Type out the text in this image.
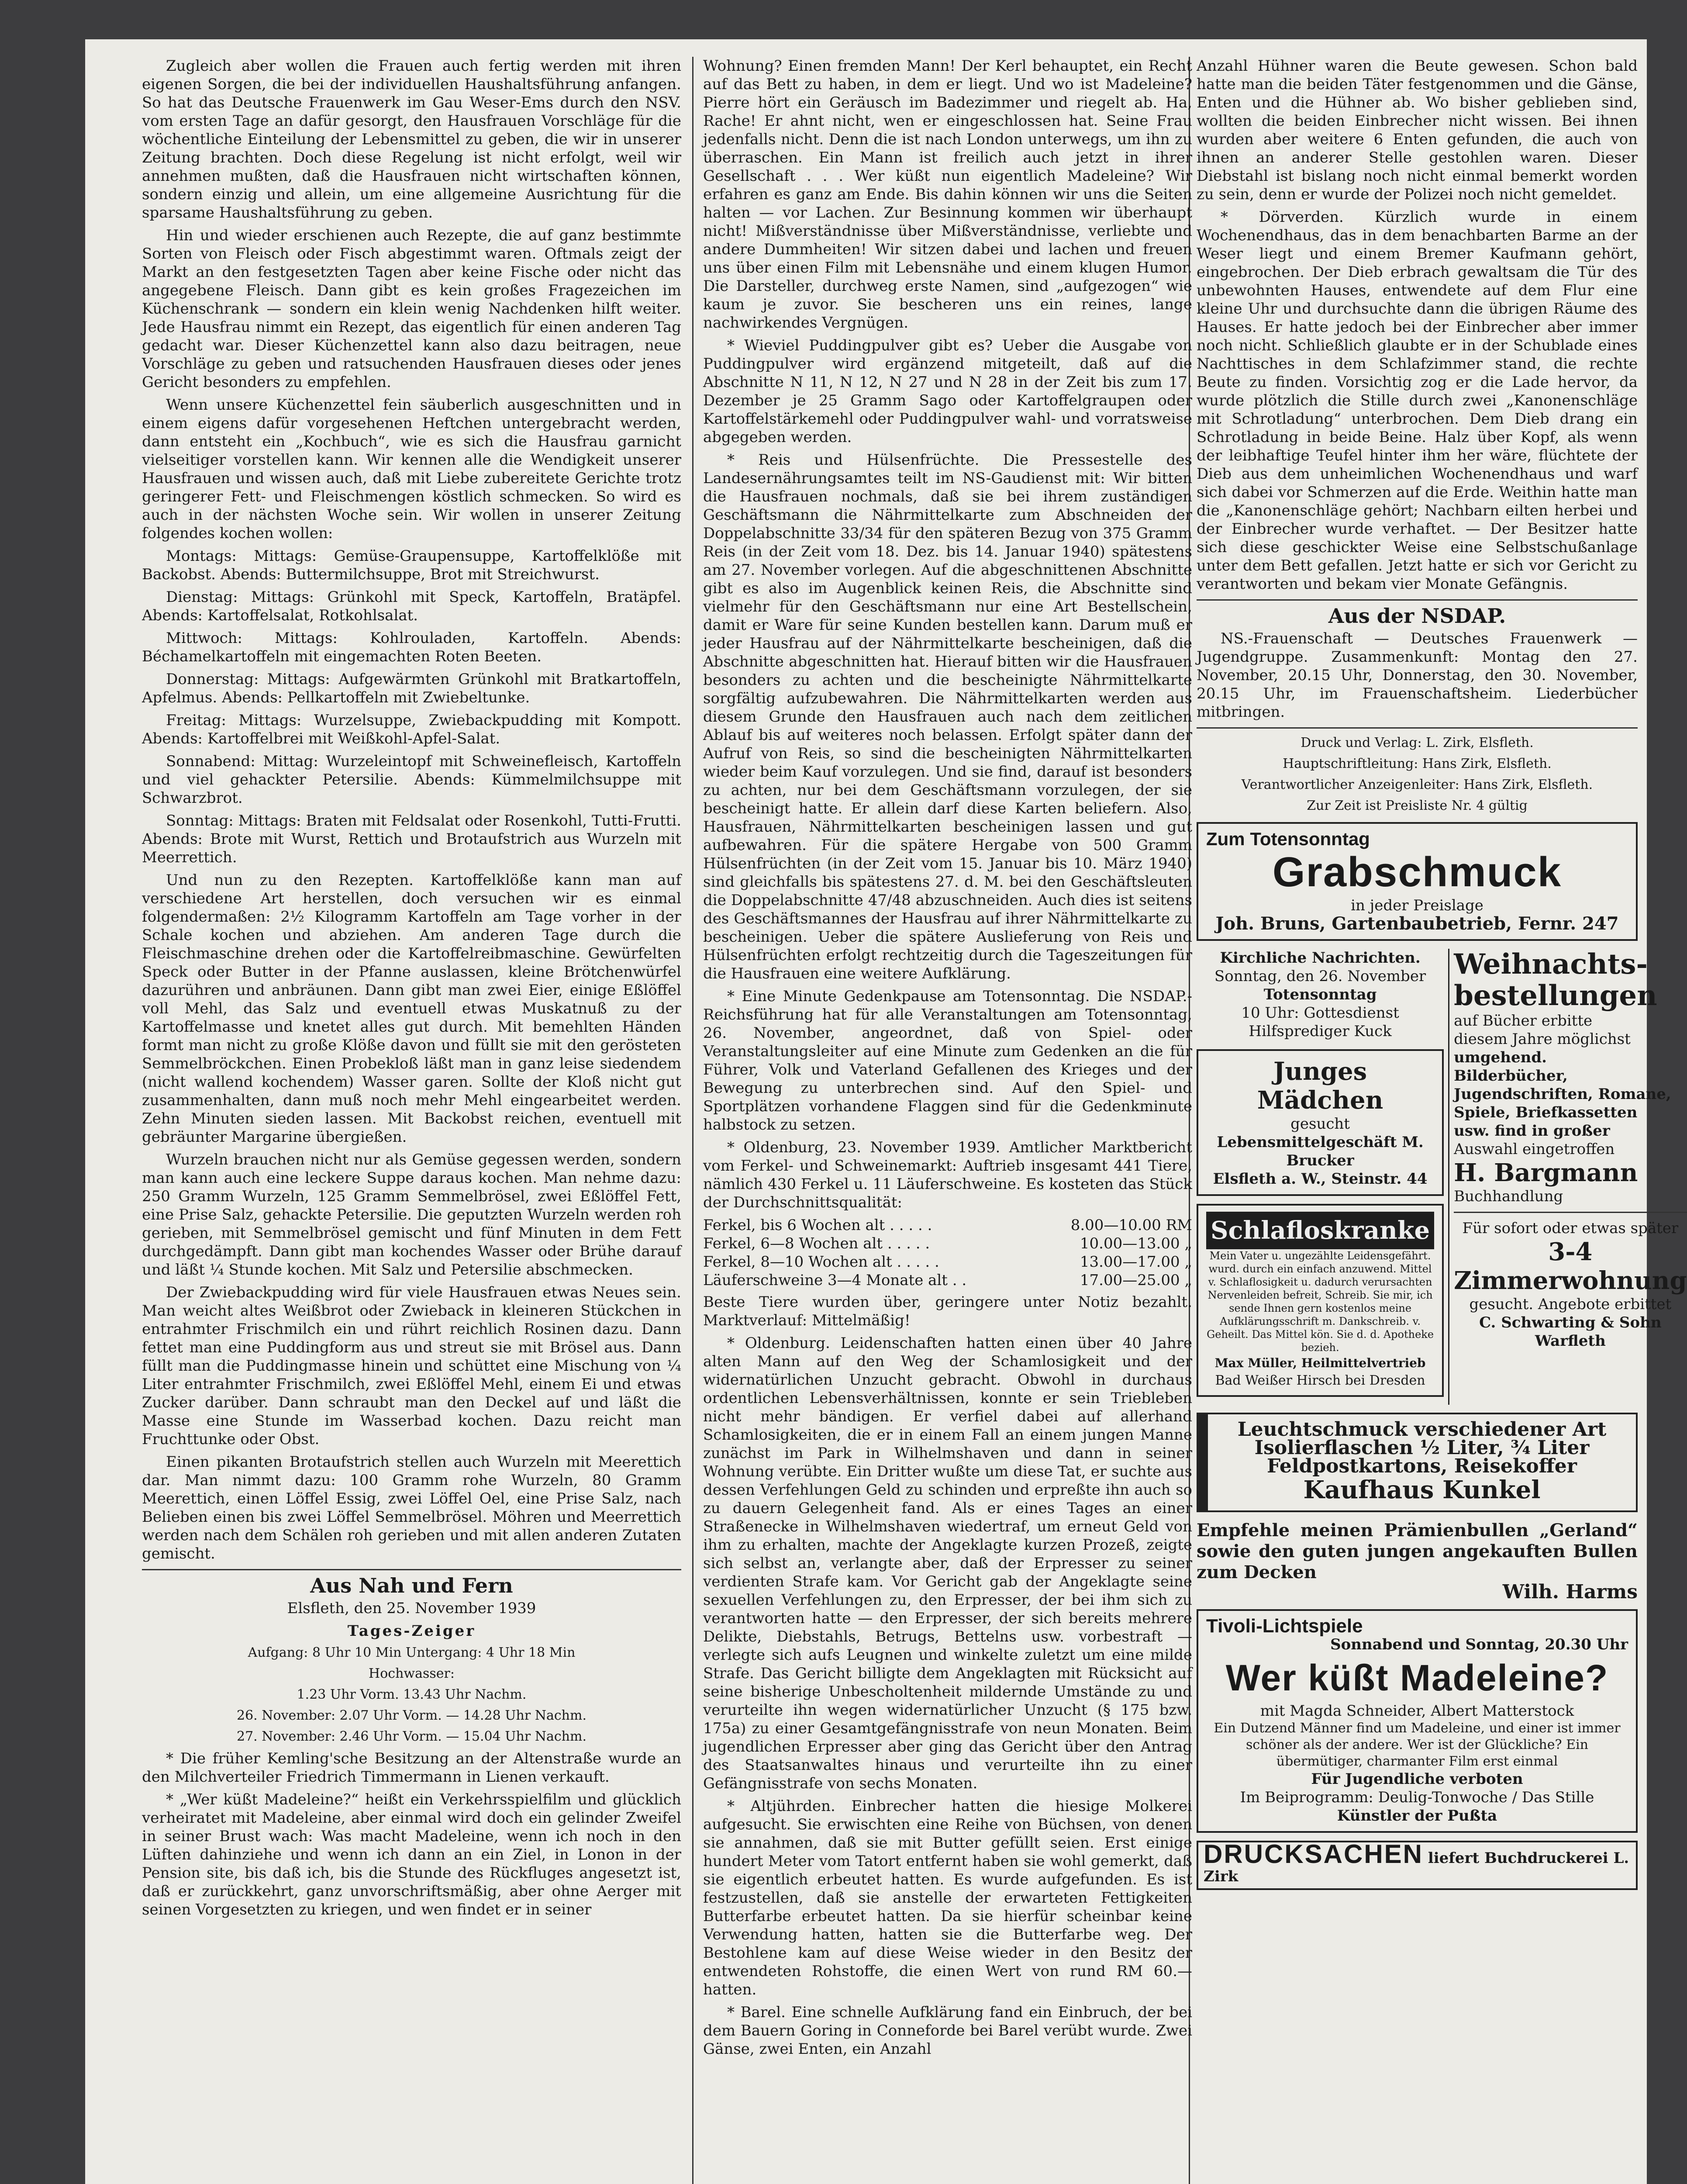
Zugleich aber wollen die Frauen auch fertig werden mit ihren eigenen Sorgen, die bei der individuellen Haushaltsführung anfangen. So hat das Deutsche Frauenwerk im Gau Weser-Ems durch den NSV. vom ersten Tage an dafür gesorgt, den Hausfrauen Vorschläge für die wöchentliche Einteilung der Lebensmittel zu geben, die wir in unserer Zeitung brachten. Doch diese Regelung ist nicht erfolgt, weil wir annehmen mußten, daß die Hausfrauen nicht wirtschaften können, sondern einzig und allein, um eine allgemeine Ausrichtung für die sparsame Haushaltsführung zu geben.

Hin und wieder erschienen auch Rezepte, die auf ganz bestimmte Sorten von Fleisch oder Fisch abgestimmt waren. Oftmals zeigt der Markt an den festgesetzten Tagen aber keine Fische oder nicht das angegebene Fleisch. Dann gibt es kein großes Fragezeichen im Küchenschrank — sondern ein klein wenig Nachdenken hilft weiter. Jede Hausfrau nimmt ein Rezept, das eigentlich für einen anderen Tag gedacht war. Dieser Küchenzettel kann also dazu beitragen, neue Vorschläge zu geben und ratsuchenden Hausfrauen dieses oder jenes Gericht besonders zu empfehlen.

Wenn unsere Küchenzettel fein säuberlich ausgeschnitten und in einem eigens dafür vorgesehenen Heftchen untergebracht werden, dann entsteht ein „Kochbuch“, wie es sich die Hausfrau garnicht vielseitiger vorstellen kann. Wir kennen alle die Wendigkeit unserer Hausfrauen und wissen auch, daß mit Liebe zubereitete Gerichte trotz geringerer Fett- und Fleischmengen köstlich schmecken. So wird es auch in der nächsten Woche sein. Wir wollen in unserer Zeitung folgendes kochen wollen:

Montags: Mittags: Gemüse-Graupensuppe, Kartoffelklöße mit Backobst. Abends: Buttermilchsuppe, Brot mit Streichwurst.

Dienstag: Mittags: Grünkohl mit Speck, Kartoffeln, Bratäpfel. Abends: Kartoffelsalat, Rotkohlsalat.

Mittwoch: Mittags: Kohlrouladen, Kartoffeln. Abends: Béchamelkartoffeln mit eingemachten Roten Beeten.

Donnerstag: Mittags: Aufgewärmten Grünkohl mit Bratkartoffeln, Apfelmus. Abends: Pellkartoffeln mit Zwiebeltunke.

Freitag: Mittags: Wurzelsuppe, Zwiebackpudding mit Kompott. Abends: Kartoffelbrei mit Weißkohl-Apfel-Salat.

Sonnabend: Mittag: Wurzeleintopf mit Schweinefleisch, Kartoffeln und viel gehackter Petersilie. Abends: Kümmelmilchsuppe mit Schwarzbrot.

Sonntag: Mittags: Braten mit Feldsalat oder Rosenkohl, Tutti-Frutti. Abends: Brote mit Wurst, Rettich und Brotaufstrich aus Wurzeln mit Meerrettich.

Und nun zu den Rezepten. Kartoffelklöße kann man auf verschiedene Art herstellen, doch versuchen wir es einmal folgendermaßen: 2½ Kilogramm Kartoffeln am Tage vorher in der Schale kochen und abziehen. Am anderen Tage durch die Fleischmaschine drehen oder die Kartoffelreibmaschine. Gewürfelten Speck oder Butter in der Pfanne auslassen, kleine Brötchenwürfel dazurühren und anbräunen. Dann gibt man zwei Eier, einige Eßlöffel voll Mehl, das Salz und eventuell etwas Muskatnuß zu der Kartoffelmasse und knetet alles gut durch. Mit bemehlten Händen formt man nicht zu große Klöße davon und füllt sie mit den gerösteten Semmelbröckchen. Einen Probekloß läßt man in ganz leise siedendem (nicht wallend kochendem) Wasser garen. Sollte der Kloß nicht gut zusammenhalten, dann muß noch mehr Mehl eingearbeitet werden. Zehn Minuten sieden lassen. Mit Backobst reichen, eventuell mit gebräunter Margarine übergießen.

Wurzeln brauchen nicht nur als Gemüse gegessen werden, sondern man kann auch eine leckere Suppe daraus kochen. Man nehme dazu: 250 Gramm Wurzeln, 125 Gramm Semmelbrösel, zwei Eßlöffel Fett, eine Prise Salz, gehackte Petersilie. Die geputzten Wurzeln werden roh gerieben, mit Semmelbrösel gemischt und fünf Minuten in dem Fett durchgedämpft. Dann gibt man kochendes Wasser oder Brühe darauf und läßt ¼ Stunde kochen. Mit Salz und Petersilie abschmecken.

Der Zwiebackpudding wird für viele Hausfrauen etwas Neues sein. Man weicht altes Weißbrot oder Zwieback in kleineren Stückchen in entrahmter Frischmilch ein und rührt reichlich Rosinen dazu. Dann fettet man eine Puddingform aus und streut sie mit Brösel aus. Dann füllt man die Puddingmasse hinein und schüttet eine Mischung von ¼ Liter entrahmter Frischmilch, zwei Eßlöffel Mehl, einem Ei und etwas Zucker darüber. Dann schraubt man den Deckel auf und läßt die Masse eine Stunde im Wasserbad kochen. Dazu reicht man Fruchttunke oder Obst.

Einen pikanten Brotaufstrich stellen auch Wurzeln mit Meerettich dar. Man nimmt dazu: 100 Gramm rohe Wurzeln, 80 Gramm Meerettich, einen Löffel Essig, zwei Löffel Oel, eine Prise Salz, nach Belieben einen bis zwei Löffel Semmelbrösel. Möhren und Meerrettich werden nach dem Schälen roh gerieben und mit allen anderen Zutaten gemischt.

Aus Nah und Fern

Elsfleth, den 25. November 1939

Tages-Zeiger

Aufgang: 8 Uhr 10 Min Untergang: 4 Uhr 18 Min

Hochwasser:

1.23 Uhr Vorm. 13.43 Uhr Nachm.

26. November: 2.07 Uhr Vorm. — 14.28 Uhr Nachm.

27. November: 2.46 Uhr Vorm. — 15.04 Uhr Nachm.

* Die früher Kemling'sche Besitzung an der Altenstraße wurde an den Milchverteiler Friedrich Timmermann in Lienen verkauft.

* „Wer küßt Madeleine?“ heißt ein Verkehrsspielfilm und glücklich verheiratet mit Madeleine, aber einmal wird doch ein gelinder Zweifel in seiner Brust wach: Was macht Madeleine, wenn ich noch in den Lüften dahinziehe und wenn ich dann an ein Ziel, in Lonon in der Pension site, bis daß ich, bis die Stunde des Rückfluges angesetzt ist, daß er zurückkehrt, ganz unvorschriftsmäßig, aber ohne Aerger mit seinen Vorgesetzten zu kriegen, und wen findet er in seiner

Wohnung? Einen fremden Mann! Der Kerl behauptet, ein Recht auf das Bett zu haben, in dem er liegt. Und wo ist Madeleine? Pierre hört ein Geräusch im Badezimmer und riegelt ab. Ha, Rache! Er ahnt nicht, wen er eingeschlossen hat. Seine Frau jedenfalls nicht. Denn die ist nach London unterwegs, um ihn zu überraschen. Ein Mann ist freilich auch jetzt in ihrer Gesellschaft . . . Wer küßt nun eigentlich Madeleine? Wir erfahren es ganz am Ende. Bis dahin können wir uns die Seiten halten — vor Lachen. Zur Besinnung kommen wir überhaupt nicht! Mißverständnisse über Mißverständnisse, verliebte und andere Dummheiten! Wir sitzen dabei und lachen und freuen uns über einen Film mit Lebensnähe und einem klugen Humor. Die Darsteller, durchweg erste Namen, sind „aufgezogen“ wie kaum je zuvor. Sie bescheren uns ein reines, lange nachwirkendes Vergnügen.

* Wieviel Puddingpulver gibt es? Ueber die Ausgabe von Puddingpulver wird ergänzend mitgeteilt, daß auf die Abschnitte N 11, N 12, N 27 und N 28 in der Zeit bis zum 17. Dezember je 25 Gramm Sago oder Kartoffelgraupen oder Kartoffelstärkemehl oder Puddingpulver wahl- und vorratsweise abgegeben werden.

* Reis und Hülsenfrüchte. Die Pressestelle des Landesernährungsamtes teilt im NS-Gaudienst mit: Wir bitten die Hausfrauen nochmals, daß sie bei ihrem zuständigen Geschäftsmann die Nährmittelkarte zum Abschneiden der Doppelabschnitte 33/34 für den späteren Bezug von 375 Gramm Reis (in der Zeit vom 18. Dez. bis 14. Januar 1940) spätestens am 27. November vorlegen. Auf die abgeschnittenen Abschnitte gibt es also im Augenblick keinen Reis, die Abschnitte sind vielmehr für den Geschäftsmann nur eine Art Bestellschein, damit er Ware für seine Kunden bestellen kann. Darum muß er jeder Hausfrau auf der Nährmittelkarte bescheinigen, daß die Abschnitte abgeschnitten hat. Hierauf bitten wir die Hausfrauen besonders zu achten und die bescheinigte Nährmittelkarte sorgfältig aufzubewahren. Die Nährmittelkarten werden aus diesem Grunde den Hausfrauen auch nach dem zeitlichen Ablauf bis auf weiteres noch belassen. Erfolgt später dann der Aufruf von Reis, so sind die bescheinigten Nährmittelkarten wieder beim Kauf vorzulegen. Und sie find, darauf ist besonders zu achten, nur bei dem Geschäftsmann vorzulegen, der sie bescheinigt hatte. Er allein darf diese Karten beliefern. Also, Hausfrauen, Nährmittelkarten bescheinigen lassen und gut aufbewahren. Für die spätere Hergabe von 500 Gramm Hülsenfrüchten (in der Zeit vom 15. Januar bis 10. März 1940) sind gleichfalls bis spätestens 27. d. M. bei den Geschäftsleuten die Doppelabschnitte 47/48 abzuschneiden. Auch dies ist seitens des Geschäftsmannes der Hausfrau auf ihrer Nährmittelkarte zu bescheinigen. Ueber die spätere Auslieferung von Reis und Hülsenfrüchten erfolgt rechtzeitig durch die Tageszeitungen für die Hausfrauen eine weitere Aufklärung.

* Eine Minute Gedenkpause am Totensonntag. Die NSDAP.-Reichsführung hat für alle Veranstaltungen am Totensonntag, 26. November, angeordnet, daß von Spiel- oder Veranstaltungsleiter auf eine Minute zum Gedenken an die für Führer, Volk und Vaterland Gefallenen des Krieges und der Bewegung zu unterbrechen sind. Auf den Spiel- und Sportplätzen vorhandene Flaggen sind für die Gedenkminute halbstock zu setzen.

* Oldenburg, 23. November 1939. Amtlicher Marktbericht vom Ferkel- und Schweinemarkt: Auftrieb insgesamt 441 Tiere, nämlich 430 Ferkel u. 11 Läuferschweine. Es kosteten das Stück der Durchschnittsqualität:

Ferkel, bis 6 Wochen alt . . . . .	8.00—10.00 RM
Ferkel, 6—8 Wochen alt . . . . .	10.00—13.00 „
Ferkel, 8—10 Wochen alt . . . . .	13.00—17.00 „
Läuferschweine 3—4 Monate alt . .	17.00—25.00 „

Beste Tiere wurden über, geringere unter Notiz bezahlt. Marktverlauf: Mittelmäßig!

* Oldenburg. Leidenschaften hatten einen über 40 Jahre alten Mann auf den Weg der Schamlosigkeit und der widernatürlichen Unzucht gebracht. Obwohl in durchaus ordentlichen Lebensverhältnissen, konnte er sein Triebleben nicht mehr bändigen. Er verfiel dabei auf allerhand Schamlosigkeiten, die er in einem Fall an einem jungen Manne zunächst im Park in Wilhelmshaven und dann in seiner Wohnung verübte. Ein Dritter wußte um diese Tat, er suchte aus dessen Verfehlungen Geld zu schinden und erpreßte ihn auch so zu dauern Gelegenheit fand. Als er eines Tages an einer Straßenecke in Wilhelmshaven wiedertraf, um erneut Geld von ihm zu erhalten, machte der Angeklagte kurzen Prozeß, zeigte sich selbst an, verlangte aber, daß der Erpresser zu seiner verdienten Strafe kam. Vor Gericht gab der Angeklagte seine sexuellen Verfehlungen zu, den Erpresser, der bei ihm sich zu verantworten hatte — den Erpresser, der sich bereits mehrere Delikte, Diebstahls, Betrugs, Bettelns usw. vorbestraft — verlegte sich aufs Leugnen und winkelte zuletzt um eine milde Strafe. Das Gericht billigte dem Angeklagten mit Rücksicht auf seine bisherige Unbescholtenheit mildernde Umstände zu und verurteilte ihn wegen widernatürlicher Unzucht (§ 175 bzw. 175a) zu einer Gesamtgefängnisstrafe von neun Monaten. Beim jugendlichen Erpresser aber ging das Gericht über den Antrag des Staatsanwaltes hinaus und verurteilte ihn zu einer Gefängnisstrafe von sechs Monaten.

* Altjührden. Einbrecher hatten die hiesige Molkerei aufgesucht. Sie erwischten eine Reihe von Büchsen, von denen sie annahmen, daß sie mit Butter gefüllt seien. Erst einige hundert Meter vom Tatort entfernt haben sie wohl gemerkt, daß sie eigentlich erbeutet hatten. Es wurde aufgefunden. Es ist festzustellen, daß sie anstelle der erwarteten Fettigkeiten Butterfarbe erbeutet hatten. Da sie hierfür scheinbar keine Verwendung hatten, hatten sie die Butterfarbe weg. Der Bestohlene kam auf diese Weise wieder in den Besitz der entwendeten Rohstoffe, die einen Wert von rund RM 60.— hatten.

* Barel. Eine schnelle Aufklärung fand ein Einbruch, der bei dem Bauern Goring in Conneforde bei Barel verübt wurde. Zwei Gänse, zwei Enten, ein Anzahl

Anzahl Hühner waren die Beute gewesen. Schon bald hatte man die beiden Täter festgenommen und die Gänse, Enten und die Hühner ab. Wo bisher geblieben sind, wollten die beiden Einbrecher nicht wissen. Bei ihnen wurden aber weitere 6 Enten gefunden, die auch von ihnen an anderer Stelle gestohlen waren. Dieser Diebstahl ist bislang noch nicht einmal bemerkt worden zu sein, denn er wurde der Polizei noch nicht gemeldet.

* Dörverden. Kürzlich wurde in einem Wochenendhaus, das in dem benachbarten Barme an der Weser liegt und einem Bremer Kaufmann gehört, eingebrochen. Der Dieb erbrach gewaltsam die Tür des unbewohnten Hauses, entwendete auf dem Flur eine kleine Uhr und durchsuchte dann die übrigen Räume des Hauses. Er hatte jedoch bei der Einbrecher aber immer noch nicht. Schließlich glaubte er in der Schublade eines Nachttisches in dem Schlafzimmer stand, die rechte Beute zu finden. Vorsichtig zog er die Lade hervor, da wurde plötzlich die Stille durch zwei „Kanonenschläge mit Schrotladung“ unterbrochen. Dem Dieb drang ein Schrotladung in beide Beine. Halz über Kopf, als wenn der leibhaftige Teufel hinter ihm her wäre, flüchtete der Dieb aus dem unheimlichen Wochenendhaus und warf sich dabei vor Schmerzen auf die Erde. Weithin hatte man die „Kanonenschläge gehört; Nachbarn eilten herbei und der Einbrecher wurde verhaftet. — Der Besitzer hatte sich diese geschickter Weise eine Selbstschußanlage unter dem Bett gefallen. Jetzt hatte er sich vor Gericht zu verantworten und bekam vier Monate Gefängnis.

Aus der NSDAP.

NS.-Frauenschaft — Deutsches Frauenwerk — Jugendgruppe. Zusammenkunft: Montag den 27. November, 20.15 Uhr, Donnerstag, den 30. November, 20.15 Uhr, im Frauenschaftsheim. Liederbücher mitbringen.

Druck und Verlag: L. Zirk, Elsfleth.

Hauptschriftleitung: Hans Zirk, Elsfleth.

Verantwortlicher Anzeigenleiter: Hans Zirk, Elsfleth.

Zur Zeit ist Preisliste Nr. 4 gültig

Zum Totensonntag
Grabschmuck
in jeder Preislage
Joh. Bruns, Gartenbaubetrieb, Fernr. 247
Kirchliche Nachrichten.
Sonntag, den 26. November
Totensonntag
10 Uhr: Gottesdienst
Hilfsprediger Kuck
Junges Mädchen
gesucht
Lebensmittelgeschäft M. Brucker
Elsfleth a. W., Steinstr. 44
Schlafloskranke
Mein Vater u. ungezählte Leidensgefährt. wurd. durch ein einfach anzuwend. Mittel v. Schlaflosigkeit u. dadurch verursachten Nervenleiden befreit, Schreib. Sie mir, ich sende Ihnen gern kostenlos meine Aufklärungsschrift m. Dankschreib. v. Geheilt. Das Mittel kön. Sie d. d. Apotheke bezieh.
Max Müller, Heilmittelvertrieb
Bad Weißer Hirsch bei Dresden
Weihnachts-bestellungen
auf Bücher erbitte
diesem Jahre möglichst
umgehend.
Bilderbücher, Jugendschriften, Romane,
Spiele, Briefkassetten
usw. find in großer
Auswahl eingetroffen
H. Bargmann
Buchhandlung
Für sofort oder etwas später
3-4 Zimmerwohnung
gesucht. Angebote erbittet
C. Schwarting & Sohn
Warfleth
Leuchtschmuck verschiedener Art
Isolierflaschen ½ Liter, ¾ Liter
Feldpostkartons, Reisekoffer
Kaufhaus Kunkel
Empfehle meinen Prämienbullen „Gerland“ sowie den guten jungen angekauften Bullen zum Decken
Wilh. Harms
Tivoli-Lichtspiele
Sonnabend und Sonntag, 20.30 Uhr
Wer küßt Madeleine?
mit Magda Schneider, Albert Matterstock
Ein Dutzend Männer find um Madeleine, und einer ist immer schöner als der andere. Wer ist der Glückliche? Ein übermütiger, charmanter Film erst einmal
Für Jugendliche verboten
Im Beiprogramm: Deulig-Tonwoche / Das Stille
Künstler der Pußta
DRUCKSACHEN liefert Buchdruckerei L. Zirk
